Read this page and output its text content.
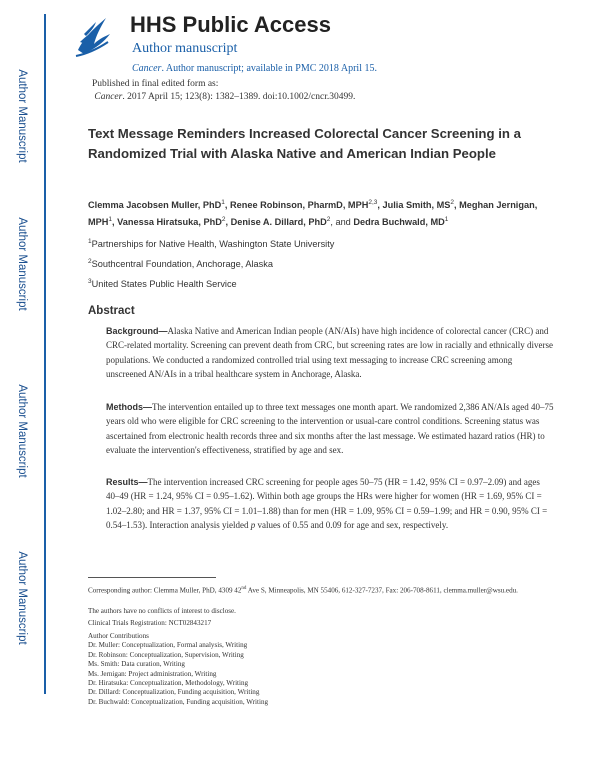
Author Manuscript
Author Manuscript
Author Manuscript
Author Manuscript
HHS Public Access
Author manuscript
Cancer. Author manuscript; available in PMC 2018 April 15.
Published in final edited form as:
Cancer. 2017 April 15; 123(8): 1382–1389. doi:10.1002/cncr.30499.
Text Message Reminders Increased Colorectal Cancer Screening in a Randomized Trial with Alaska Native and American Indian People
Clemma Jacobsen Muller, PhD$^1$, Renee Robinson, PharmD, MPH$^{2,3}$, Julia Smith, $MS^2$, Meghan Jernigan, MPH$^1$, Vanessa Hiratsuka, PhD$^2$, Denise A. Dillard, PhD$^2$, and Dedra Buchwald, $MD^1$
$^1$Partnerships for Native Health, Washington State University
$^2$Southcentral Foundation, Anchorage, Alaska
$^3$United States Public Health Service
Abstract
Background—Alaska Native and American Indian people (AN/AIs) have high incidence of colorectal cancer (CRC) and CRC-related mortality. Screening can prevent death from CRC, but screening rates are low in racially and ethnically diverse populations. We conducted a randomized controlled trial using text messaging to increase CRC screening among unscreened AN/AIs in a tribal healthcare system in Anchorage, Alaska.
Methods—The intervention entailed up to three text messages one month apart. We randomized 2,386 AN/AIs aged 40–75 years old who were eligible for CRC screening to the intervention or usual-care control conditions. Screening status was ascertained from electronic health records three and six months after the last message. We estimated hazard ratios (HR) to evaluate the intervention's effectiveness, stratified by age and sex.
Results—The intervention increased CRC screening for people ages 50–75 (HR = 1.42, 95% CI = 0.97–2.09) and ages 40–49 (HR = 1.24, 95% CI = 0.95–1.62). Within both age groups the HRs were higher for women (HR = 1.69, 95% CI = 1.02–2.80; and HR = 1.37, 95% CI = 1.01–1.88) than for men (HR = 1.09, 95% CI = 0.59–1.99; and HR = 0.90, 95% CI = 0.54–1.53). Interaction analysis yielded p values of 0.55 and 0.09 for age and sex, respectively.
Corresponding author: Clemma Muller, PhD, 4309 42nd Ave S, Minneapolis, MN 55406, 612-327-7237, Fax: 206-708-8611, clemma.muller@wsu.edu.
The authors have no conflicts of interest to disclose.
Clinical Trials Registration: NCT02843217
Author Contributions
Dr. Muller: Conceptualization, Formal analysis, Writing
Dr. Robinson: Conceptualization, Supervision, Writing
Ms. Smith: Data curation, Writing
Ms. Jernigan: Project administration, Writing
Dr. Hiratsuka: Conceptualization, Methodology, Writing
Dr. Dillard: Conceptualization, Funding acquisition, Writing
Dr. Buchwald: Conceptualization, Funding acquisition, Writing
